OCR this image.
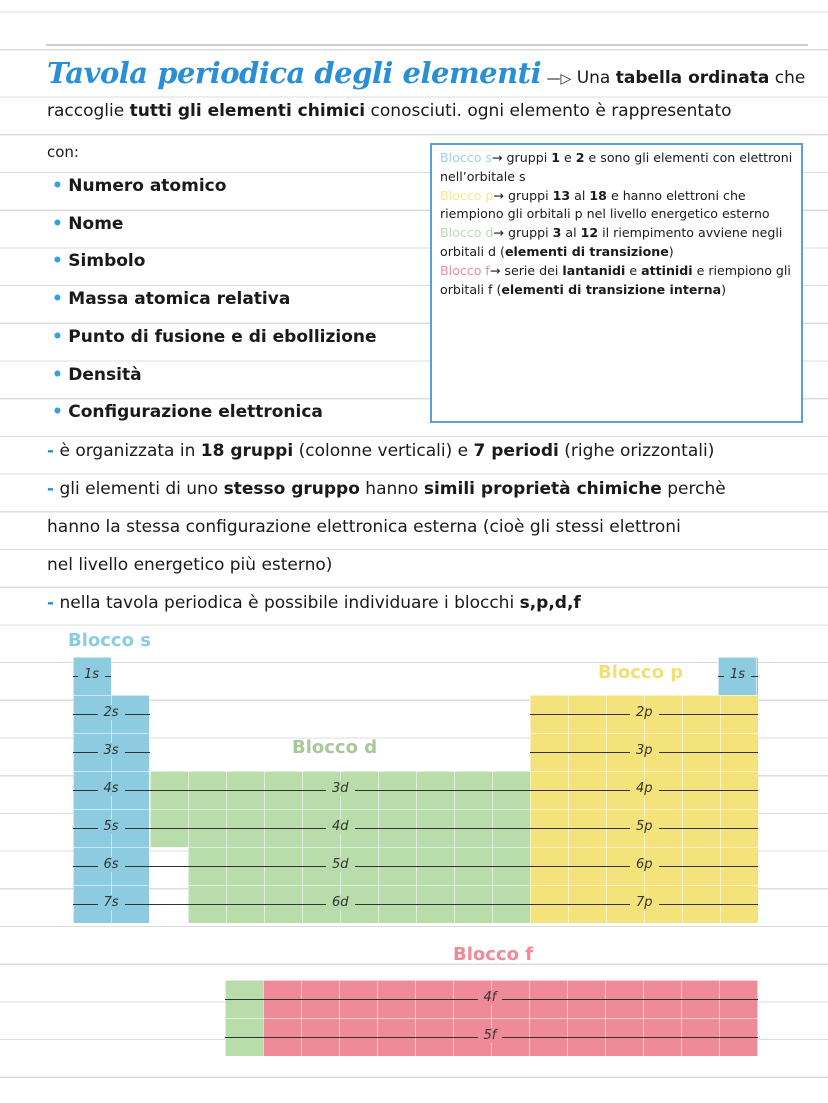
Tavola periodica degli elementi —▷ Una tabella ordinata che
raccoglie tutti gli elementi chimici conosciuti. ogni elemento è rappresentato
con:
• Numero atomico
• Nome
• Simbolo
• Massa atomica relativa
• Punto di fusione e di ebollizione
• Densità
• Configurazione elettronica
Blocco s→ gruppi 1 e 2 e sono gli elementi con elettroni nell’orbitale s
Blocco p→ gruppi 13 al 18 e hanno elettroni che riempiono gli orbitali p nel livello energetico esterno
Blocco d→ gruppi 3 al 12 il riempimento avviene negli orbitali d (elementi di transizione)
Blocco f→ serie dei lantanidi e attinidi e riempiono gli orbitali f (elementi di transizione interna)
- è organizzata in 18 gruppi (colonne verticali) e 7 periodi (righe orizzontali)
- gli elementi di uno stesso gruppo hanno simili proprietà chimiche perchè
hanno la stessa configurazione elettronica esterna (cioè gli stessi elettroni
nel livello energetico più esterno)
- nella tavola periodica è possibile individuare i blocchi s,p,d,f
1s
2s
3s
4s
5s
6s
7s
1s
3d
4d
5d
6d
2p
3p
4p
5p
6p
7p
4f
5f
Blocco s
Blocco p
Blocco d
Blocco f
